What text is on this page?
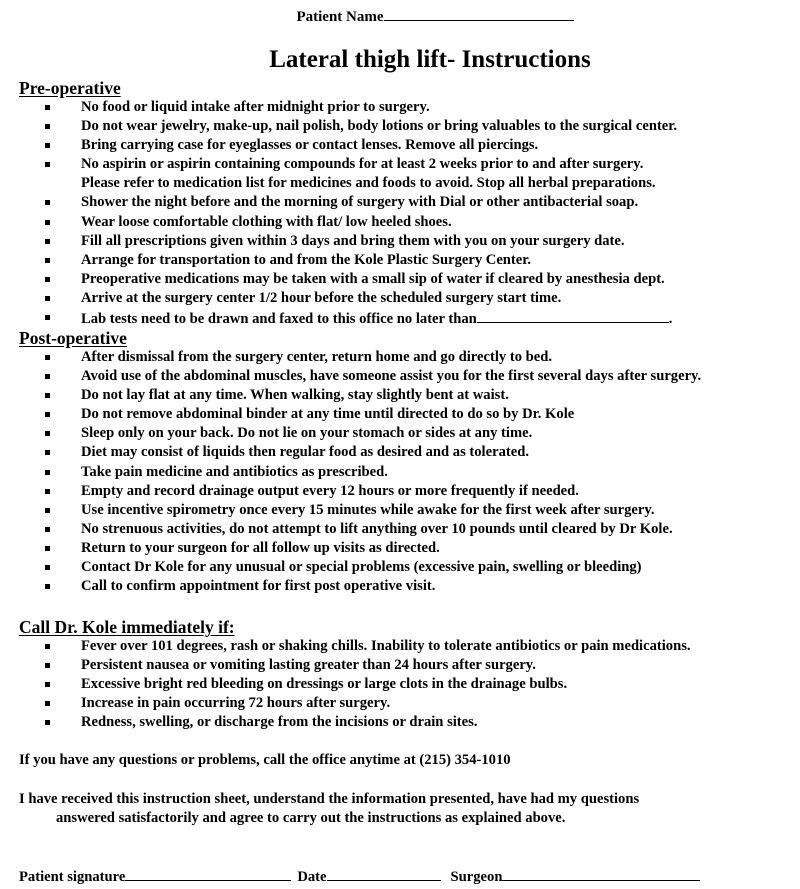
Patient Name
Lateral thigh lift- Instructions
Pre-operative
No food or liquid intake after midnight prior to surgery.
Do not wear jewelry, make-up, nail polish, body lotions or bring valuables to the surgical center.
Bring carrying case for eyeglasses or contact lenses. Remove all piercings.
No aspirin or aspirin containing compounds for at least 2 weeks prior to and after surgery.
Please refer to medication list for medicines and foods to avoid. Stop all herbal preparations.
Shower the night before and the morning of surgery with Dial or other antibacterial soap.
Wear loose comfortable clothing with flat/ low heeled shoes.
Fill all prescriptions given within 3 days and bring them with you on your surgery date.
Arrange for transportation to and from the Kole Plastic Surgery Center.
Preoperative medications may be taken with a small sip of water if cleared by anesthesia dept.
Arrive at the surgery center 1/2 hour before the scheduled surgery start time.
Lab tests need to be drawn and faxed to this office no later than	.
Post-operative
After dismissal from the surgery center, return home and go directly to bed.
Avoid use of the abdominal muscles, have someone assist you for the first several days after surgery.
Do not lay flat at any time. When walking, stay slightly bent at waist.
Do not remove abdominal binder at any time until directed to do so by Dr. Kole
Sleep only on your back. Do not lie on your stomach or sides at any time.
Diet may consist of liquids then regular food as desired and as tolerated.
Take pain medicine and antibiotics as prescribed.
Empty and record drainage output every 12 hours or more frequently if needed.
Use incentive spirometry once every 15 minutes while awake for the first week after surgery.
No strenuous activities, do not attempt to lift anything over 10 pounds until cleared by Dr Kole.
Return to your surgeon for all follow up visits as directed.
Contact Dr Kole for any unusual or special problems (excessive pain, swelling or bleeding)
Call to confirm appointment for first post operative visit.
Call Dr. Kole immediately if:
Fever over 101 degrees, rash or shaking chills. Inability to tolerate antibiotics or pain medications.
Persistent nausea or vomiting lasting greater than 24 hours after surgery.
Excessive bright red bleeding on dressings or large clots in the drainage bulbs.
Increase in pain occurring 72 hours after surgery.
Redness, swelling, or discharge from the incisions or drain sites.
If you have any questions or problems, call the office anytime at (215) 354-1010
I have received this instruction sheet, understand the information presented, have had my questions
answered satisfactorily and agree to carry out the instructions as explained above.
Patient signature	Date	Surgeon
